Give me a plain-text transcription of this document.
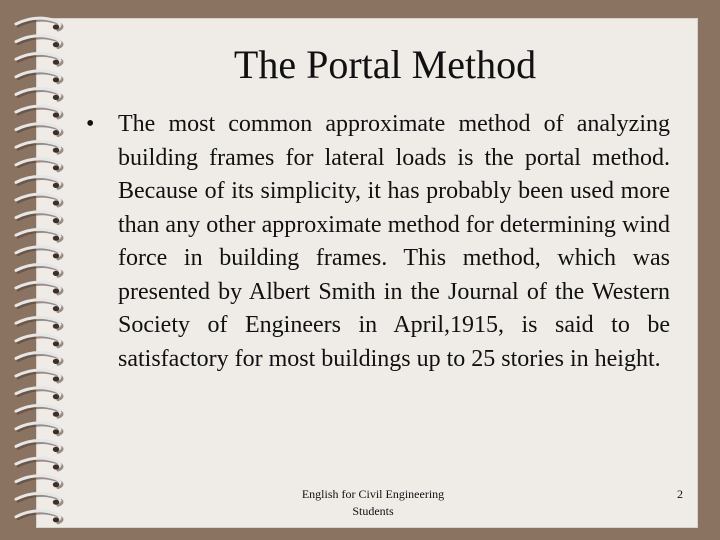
The Portal Method
• The most common approximate method of analyzing building frames for lateral loads is the portal method. Because of its simplicity, it has probably been used more than any other approximate method for determining wind force in building frames. This method, which was presented by Albert Smith in the Journal of the Western Society of Engineers in April,1915, is said to be satisfactory for most buildings up to 25 stories in height.

English for Civil Engineering Students
2
